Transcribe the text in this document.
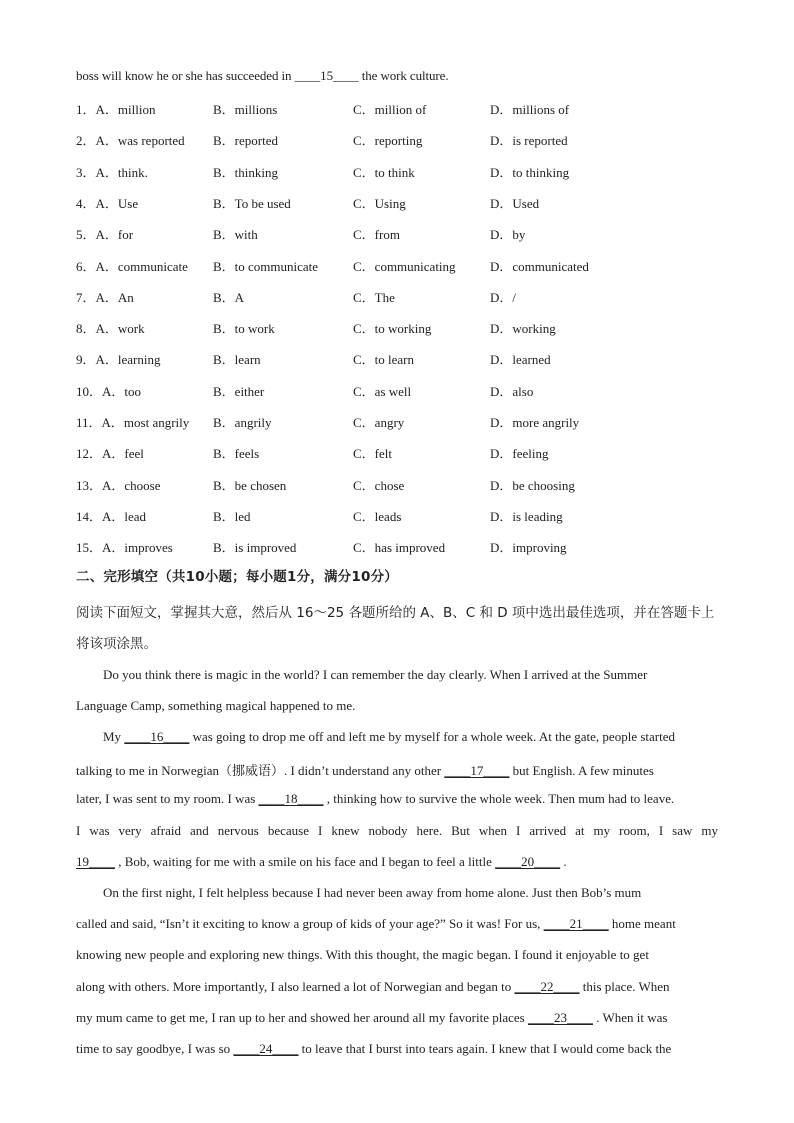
boss will know he or she has succeeded in ____15____ the work culture.
1．A．million	B．millions	C．million of	D．millions of
2．A．was reported B．reported	C．reporting	D．is reported
3．A．think.	B．thinking	C．to think	D．to thinking
4．A．Use	B．To be used	C．Using	D．Used
5．A．for	B．with	C．from	D．by
6．A．communicate B．to communicate	C．communicating	D．communicated
7．A．An	B．A	C．The	D．/
8．A．work	B．to work	C．to working	D．working
9．A．learning	B．learn	C．to learn	D．learned
10．A．too	B．either	C．as well	D．also
11．A．most angrily B．angrily	C．angry	D．more angrily
12．A．feel	B．feels	C．felt	D．feeling
13．A．choose	B．be chosen	C．chose	D．be choosing
14．A．lead	B．led	C．leads	D．is leading
15．A．improves	B．is improved	C．has improved	D．improving
二、完形填空（共10小题；每小题1分，满分10分）
阅读下面短文，掌握其大意，然后从 16～25 各题所给的 A、B、C 和 D 项中选出最佳选项，并在答题卡上
将该项涂黑。
Do you think there is magic in the world? I can remember the day clearly. When I arrived at the Summer
Language Camp, something magical happened to me.
My ____16____ was going to drop me off and left me by myself for a whole week. At the gate, people started
talking to me in Norwegian（挪威语）. I didn’t understand any other ____17____ but English. A few minutes
later, I was sent to my room. I was ____18____ , thinking how to survive the whole week. Then mum had to leave.
I was very afraid and nervous because I knew nobody here. But when I arrived at my room, I saw my
19____ , Bob, waiting for me with a smile on his face and I began to feel a little ____20____ .
On the first night, I felt helpless because I had never been away from home alone. Just then Bob’s mum
called and said, “Isn’t it exciting to know a group of kids of your age?” So it was! For us, ____21____ home meant
knowing new people and exploring new things. With this thought, the magic began. I found it enjoyable to get
along with others. More importantly, I also learned a lot of Norwegian and began to ____22____ this place. When
my mum came to get me, I ran up to her and showed her around all my favorite places ____23____ . When it was
time to say goodbye, I was so ____24____ to leave that I burst into tears again. I knew that I would come back the
